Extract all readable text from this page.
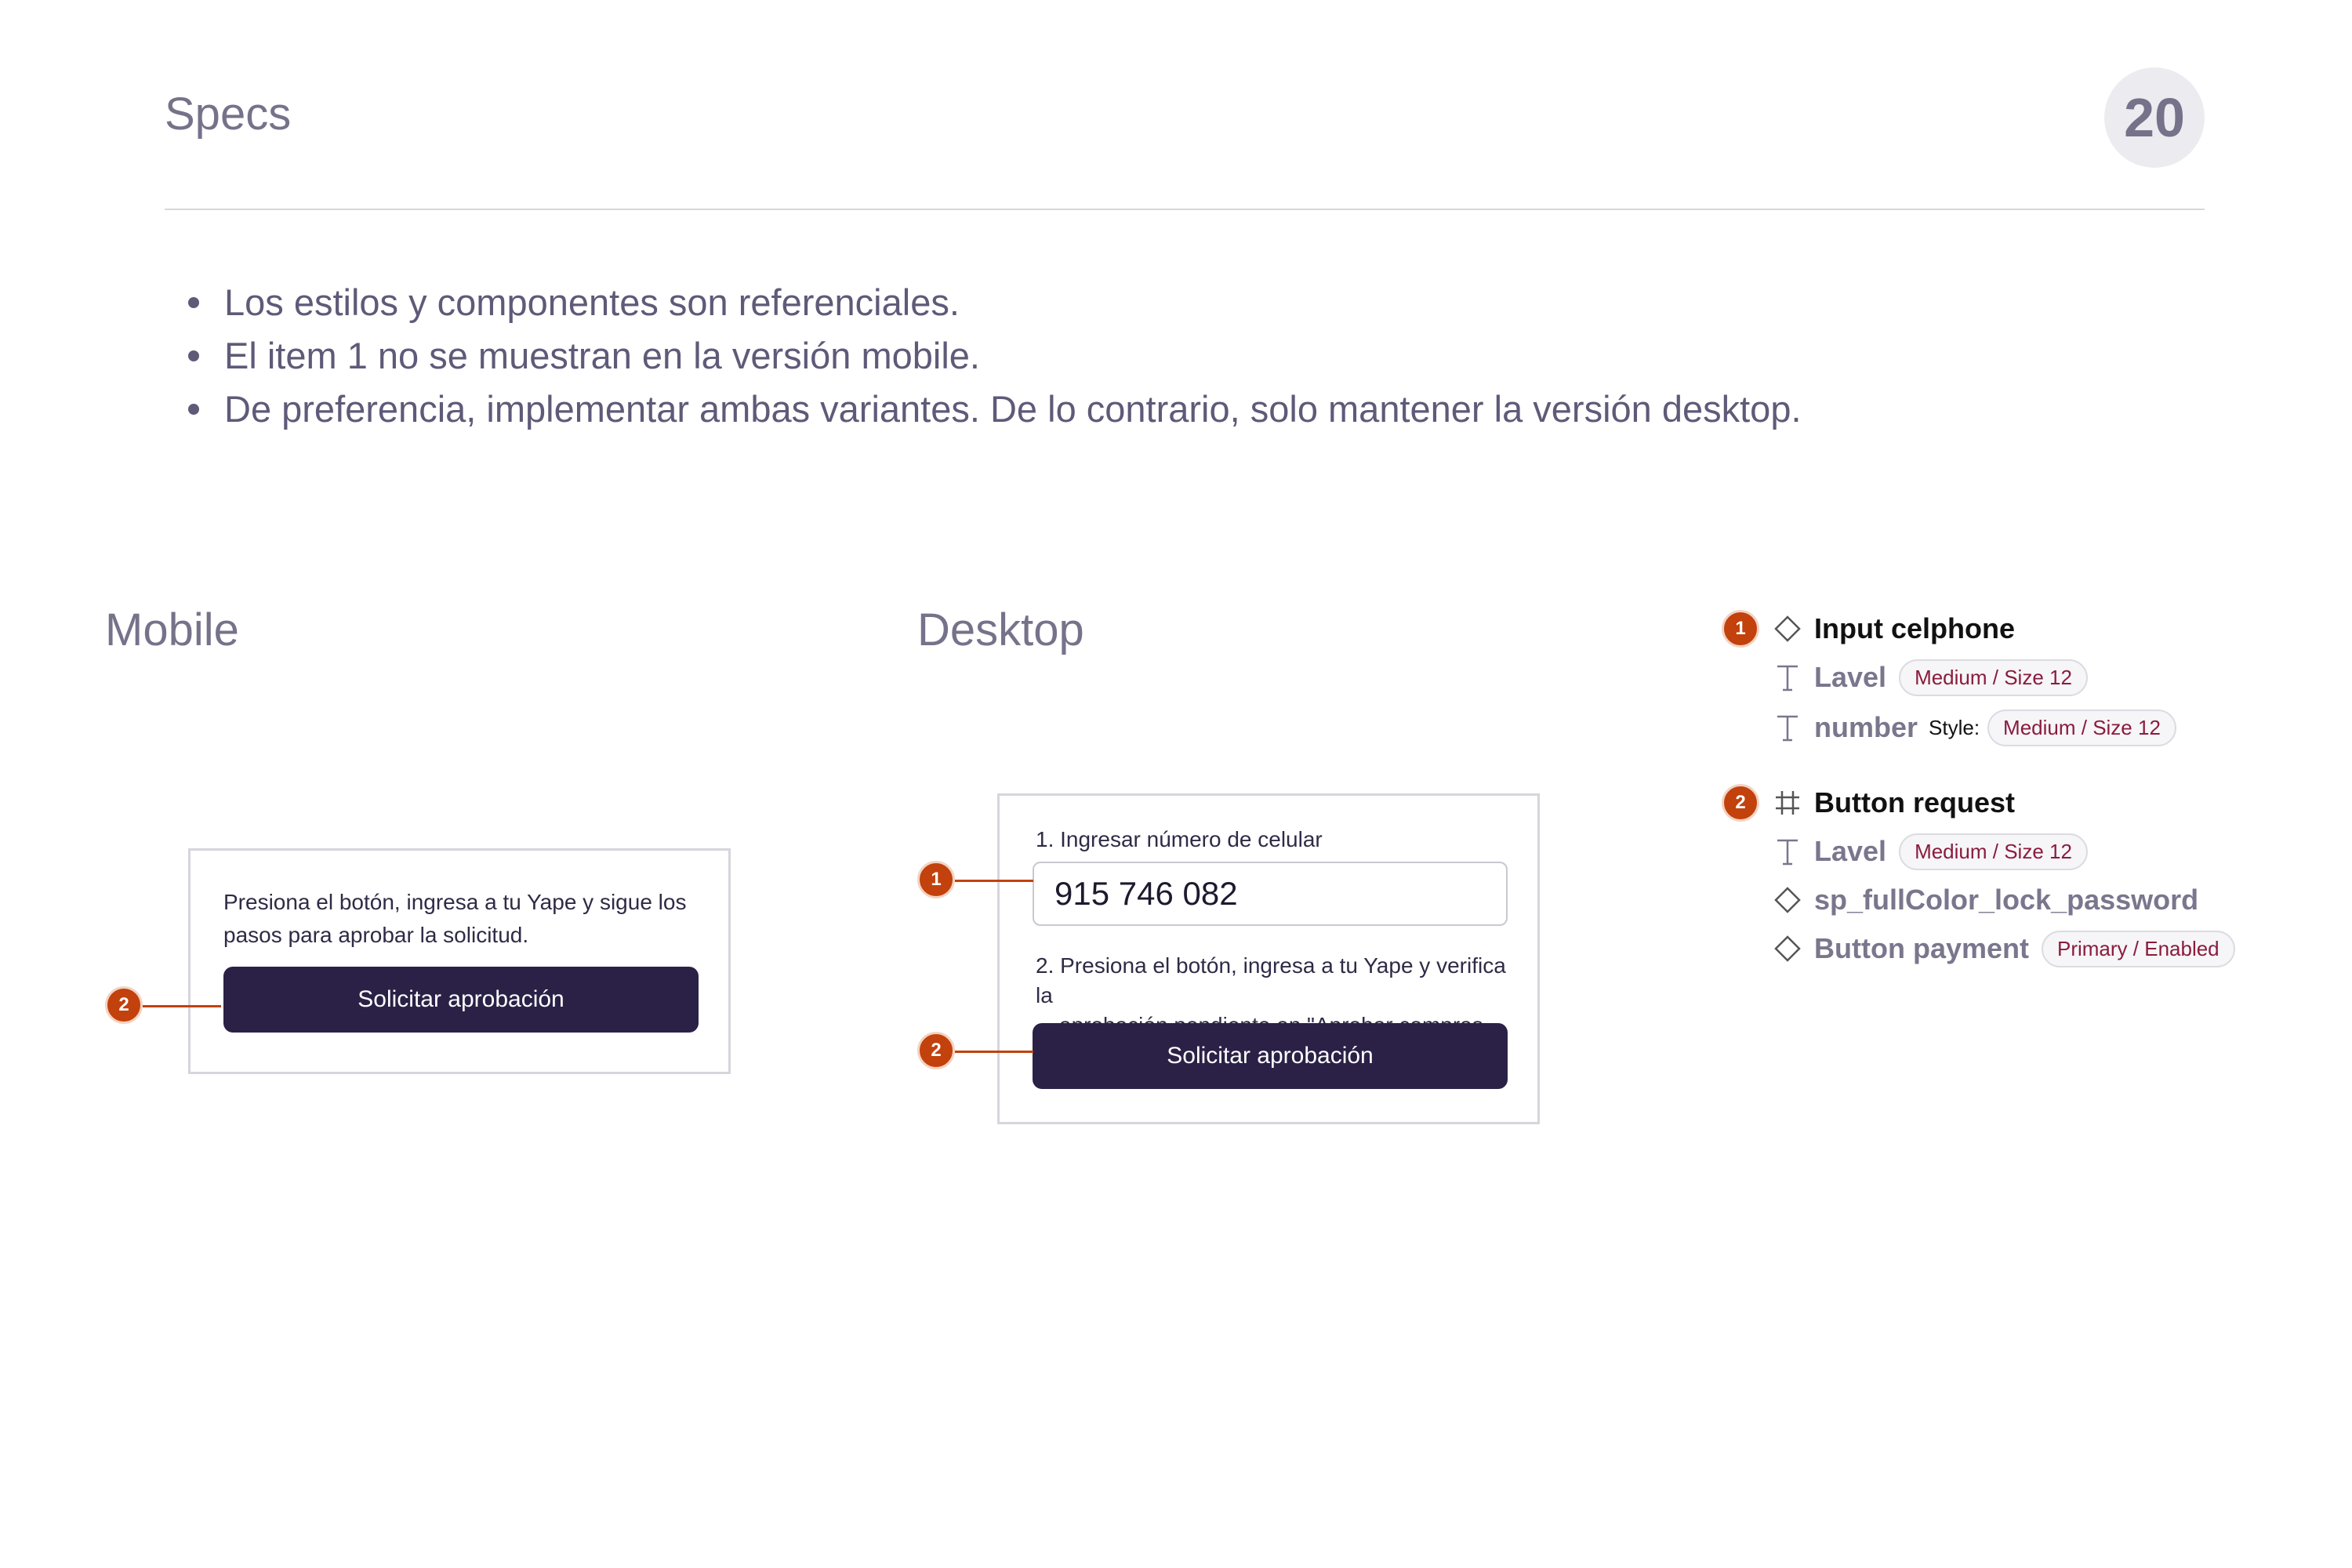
Specs	20
Los estilos y componentes son referenciales.
El item 1 no se muestran en la versión mobile.
De preferencia, implementar ambas variantes. De lo contrario, solo mantener la versión desktop.
Mobile
Presiona el botón, ingresa a tu Yape y sigue los pasos para aprobar la solicitud.
Solicitar aprobación
2
Desktop
1. Ingresar número de celular
915 746 082
2. Presiona el botón, ingresa a tu Yape y verifica la

Solicitar aprobación
1
2
1	Input celphone
Lavel	Medium / Size 12
number Style:	Medium / Size 12
2	Button request
Lavel	Medium / Size 12
sp_fullColor_lock_password
Button payment	Primary / Enabled
